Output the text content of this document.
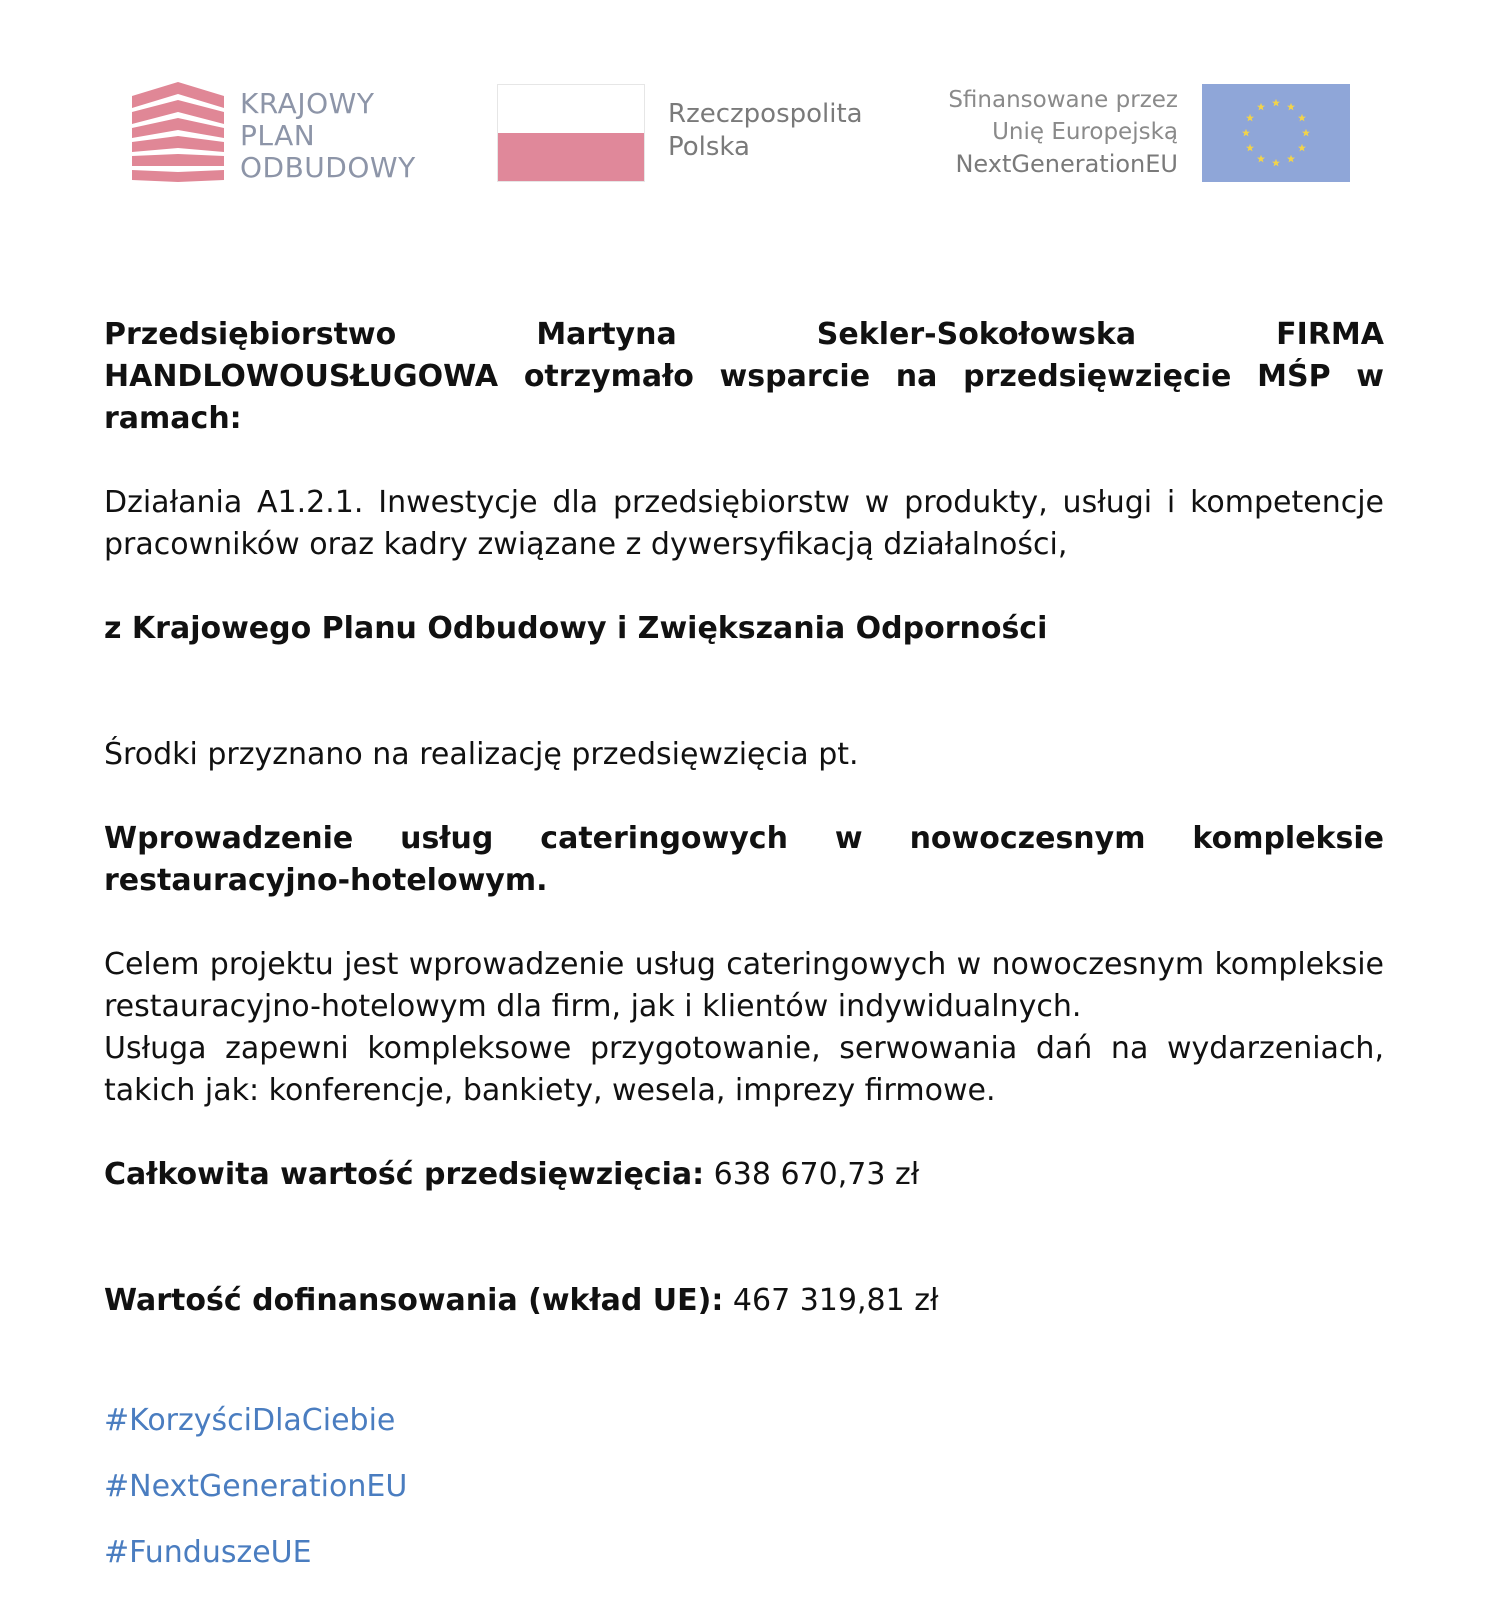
KRAJOWY
PLAN
ODBUDOWY
Rzeczpospolita
Polska
Sfinansowane przez
Unię Europejską
NextGenerationEU

Przedsiębiorstwo Martyna Sekler-Sokołowska FIRMA HANDLOWOUSŁUGOWA otrzymało wsparcie na przedsięwzięcie MŚP w ramach:

Działania A1.2.1. Inwestycje dla przedsiębiorstw w produkty, usługi i kompetencje pracowników oraz kadry związane z dywersyfikacją działalności,

z Krajowego Planu Odbudowy i Zwiększania Odporności

Środki przyznano na realizację przedsięwzięcia pt.

Wprowadzenie usług cateringowych w nowoczesnym kompleksie restauracyjno-hotelowym.

Celem projektu jest wprowadzenie usług cateringowych w nowoczesnym kompleksie restauracyjno-hotelowym dla firm, jak i klientów indywidualnych.

Usługa zapewni kompleksowe przygotowanie, serwowania dań na wydarzeniach, takich jak: konferencje, bankiety, wesela, imprezy firmowe.

Całkowita wartość przedsięwzięcia: 638 670,73 zł

Wartość dofinansowania (wkład UE): 467 319,81 zł

#KorzyściDlaCiebie
#NextGenerationEU
#FunduszeUE
